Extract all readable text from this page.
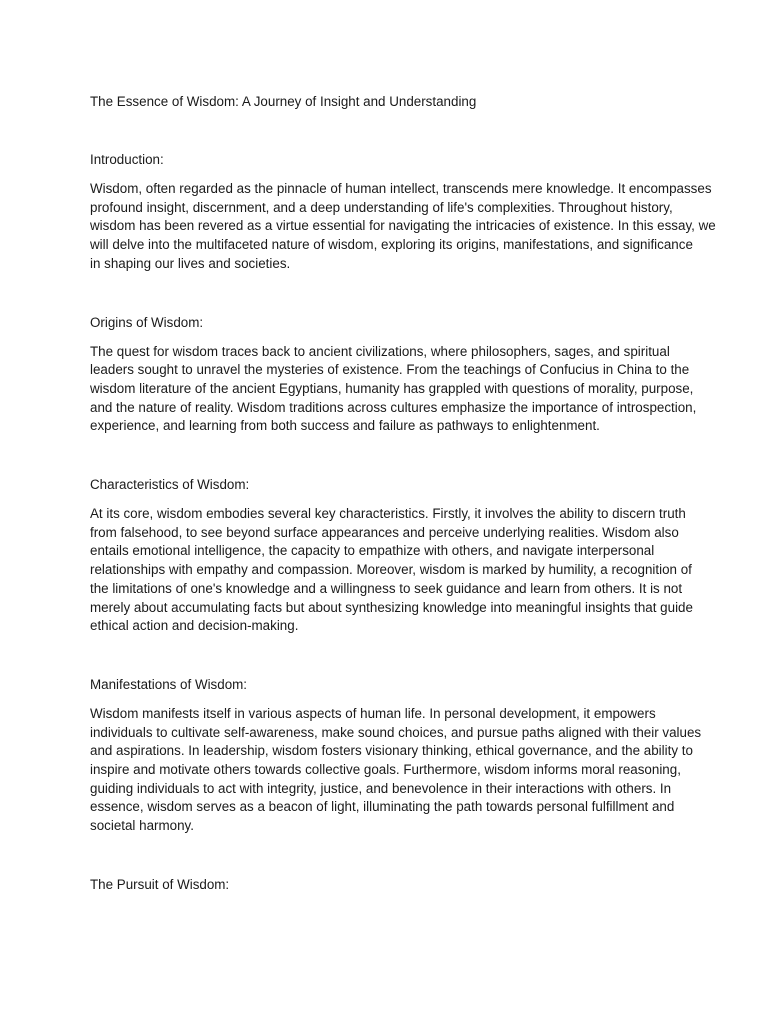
The Essence of Wisdom: A Journey of Insight and Understanding
Introduction:
Wisdom, often regarded as the pinnacle of human intellect, transcends mere knowledge. It encompasses
profound insight, discernment, and a deep understanding of life's complexities. Throughout history,
wisdom has been revered as a virtue essential for navigating the intricacies of existence. In this essay, we
will delve into the multifaceted nature of wisdom, exploring its origins, manifestations, and significance
in shaping our lives and societies.
Origins of Wisdom:
The quest for wisdom traces back to ancient civilizations, where philosophers, sages, and spiritual
leaders sought to unravel the mysteries of existence. From the teachings of Confucius in China to the
wisdom literature of the ancient Egyptians, humanity has grappled with questions of morality, purpose,
and the nature of reality. Wisdom traditions across cultures emphasize the importance of introspection,
experience, and learning from both success and failure as pathways to enlightenment.
Characteristics of Wisdom:
At its core, wisdom embodies several key characteristics. Firstly, it involves the ability to discern truth
from falsehood, to see beyond surface appearances and perceive underlying realities. Wisdom also
entails emotional intelligence, the capacity to empathize with others, and navigate interpersonal
relationships with empathy and compassion. Moreover, wisdom is marked by humility, a recognition of
the limitations of one's knowledge and a willingness to seek guidance and learn from others. It is not
merely about accumulating facts but about synthesizing knowledge into meaningful insights that guide
ethical action and decision-making.
Manifestations of Wisdom:
Wisdom manifests itself in various aspects of human life. In personal development, it empowers
individuals to cultivate self-awareness, make sound choices, and pursue paths aligned with their values
and aspirations. In leadership, wisdom fosters visionary thinking, ethical governance, and the ability to
inspire and motivate others towards collective goals. Furthermore, wisdom informs moral reasoning,
guiding individuals to act with integrity, justice, and benevolence in their interactions with others. In
essence, wisdom serves as a beacon of light, illuminating the path towards personal fulfillment and
societal harmony.
The Pursuit of Wisdom:
